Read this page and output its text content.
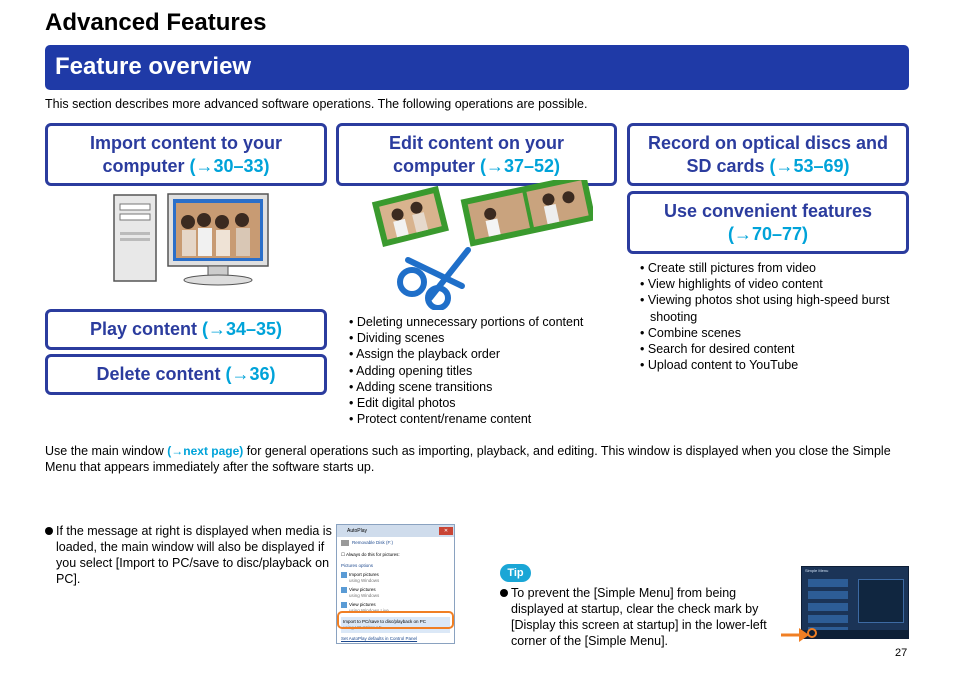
Advanced Features
Feature overview
This section describes more advanced software operations. The following operations are possible.
Import content to your
computer (→30–33)
Edit content on your
computer (→37–52)
Record on optical discs and
SD cards (→53–69)
Use convenient features
(→70–77)
Play content (→34–35)
Delete content (→36)
• Create still pictures from video
• View highlights of video content
• Viewing photos shot using high-speed burst shooting
• Combine scenes
• Search for desired content
• Upload content to YouTube
• Deleting unnecessary portions of content
• Dividing scenes
• Assign the playback order
• Adding opening titles
• Adding scene transitions
• Edit digital photos
• Protect content/rename content
Use the main window (→next page) for general operations such as importing, playback, and editing. This window is displayed when you close the Simple Menu that appears immediately after the software starts up.
If the message at right is displayed when media is loaded, the main window will also be displayed if you select [Import to PC/save to disc/playback on PC].
AutoPlay	✕
Removable Disk (F:)
☐ Always do this for pictures:
Pictures options
Import pictures
using Windows
View pictures
using Windows
View pictures
using Windows Live
Import to PC/save to disc/playback on PC
using HD Writer AE
Set AutoPlay defaults in Control Panel
Tip
To prevent the [Simple Menu] from being displayed at startup, clear the check mark by [Display this screen at startup] in the lower-left corner of the [Simple Menu].
Simple Menu
27
